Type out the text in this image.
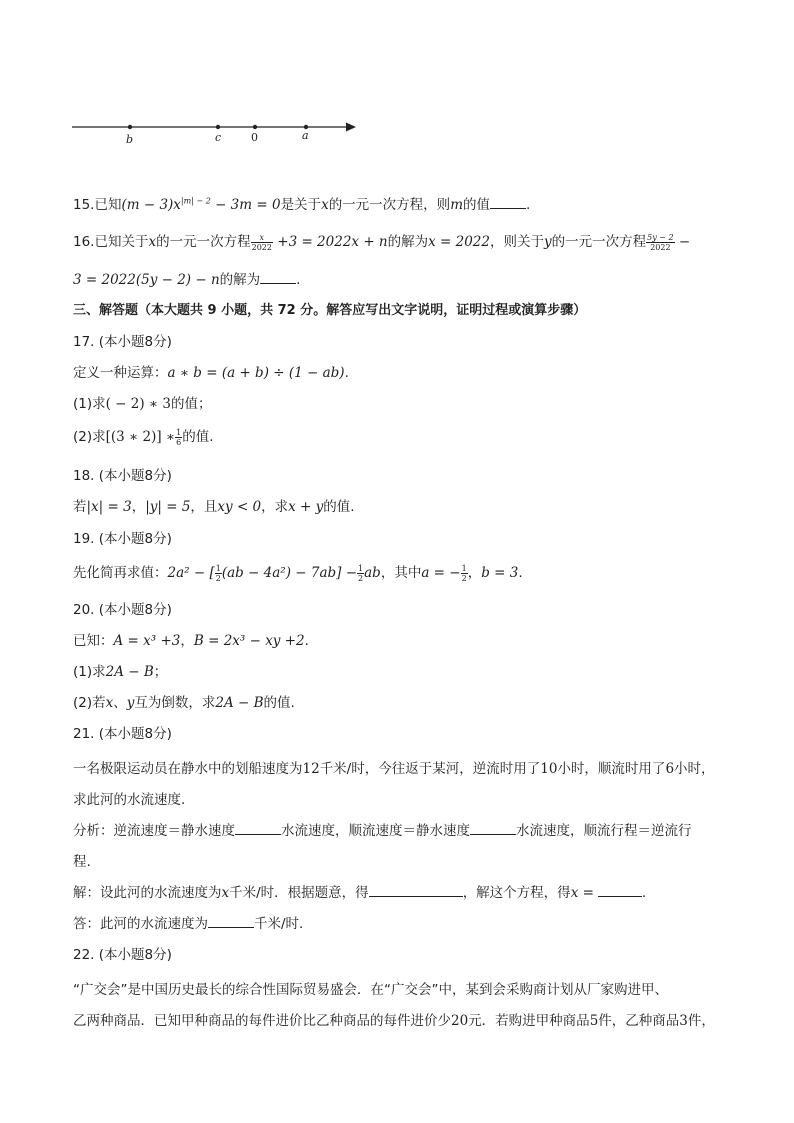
b	c	0	a
15.已知$(m - 3)x^{|m| - 2} - 3m = 0$是关于x的一元一次方程，则m的值	.
16.已知关于x的一元一次方程 $\frac{x}{2022} +3 = 2022x + n$的解为x = 2022，则关于y的一元一次方程 $\frac{5y - 2}{2022}$ −
3 = 2022(5y − 2) − n的解为	.
三、解答题（本大题共 9 小题，共 72 分。解答应写出文字说明，证明过程或演算步骤）
17. (本小题8分)
定义一种运算：a ∗ b = (a + b) ÷ (1 − ab).
(1)求( − 2) ∗ 3的值；
(2)求[(3 ∗ 2)] ∗ $\frac{1}{6}$ 的值.
18. (本小题8分)
若|x| = 3，|y| = 5，且xy < 0，求x + y的值.
19. (本小题8分)
先化简再求值：2a² − [ $\frac{1}{2} (ab - 4a^2) - 7ab] - \frac{1}{2}$ ab，其中a = − $\frac{1}{2}$ ，b = 3.
20. (本小题8分)
已知：A = x³ +3，B = 2x³ − xy +2.
(1)求2A − B；
(2)若x、y互为倒数，求2A − B的值.
21. (本小题8分)
一名极限运动员在静水中的划船速度为12千米/时，今往返于某河，逆流时用了10小时，顺流时用了6小时，
求此河的水流速度.
分析：逆流速度＝静水速度	水流速度，顺流速度＝静水速度	水流速度，顺流行程＝逆流行
程.
解：设此河的水流速度为x千米/时．根据题意，得	，解这个方程，得x =	.
答：此河的水流速度为	千米/时.
22. (本小题8分)
“广交会”是中国历史最长的综合性国际贸易盛会．在“广交会”中，某到会采购商计划从厂家购进甲、
乙两种商品．已知甲种商品的每件进价比乙种商品的每件进价少20元．若购进甲种商品5件，乙种商品3件，
